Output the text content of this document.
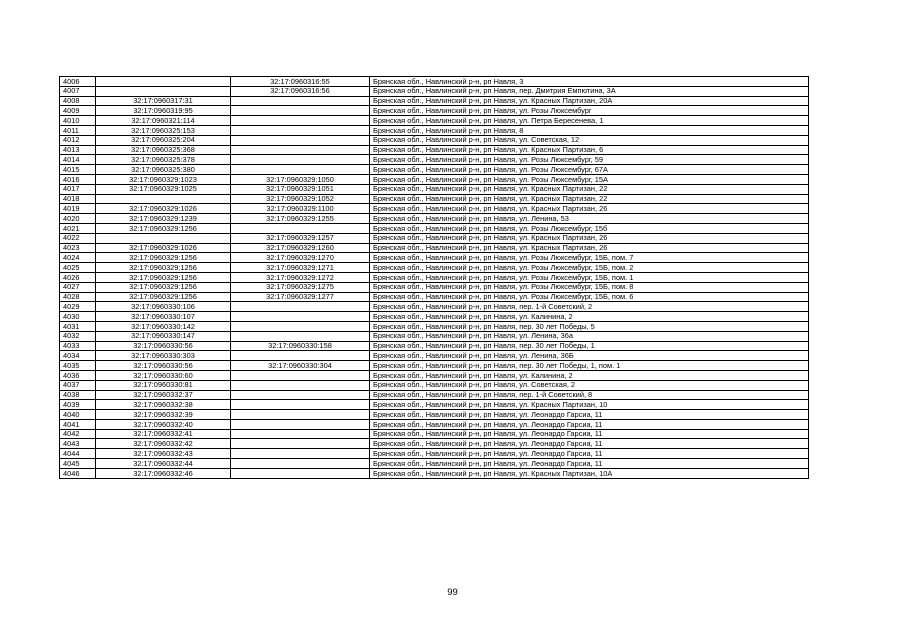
4006		32:17:0960316:55	Брянская обл., Навлинский р-н, рп Навля, 3
4007		32:17:0960316:56	Брянская обл., Навлинский р-н, рп Навля, пер. Дмитрия Емпютина, 3А
4008	32:17:0960317:31		Брянская обл., Навлинский р-н, рп Навля, ул. Красных Партизан, 20А
4009	32:17:0960319:95		Брянская обл., Навлинский р-н, рп Навля, ул. Розы Люксембург
4010	32:17:0960321:114		Брянская обл., Навлинский р-н, рп Навля, ул. Петра Бересенева, 1
4011	32:17:0960325:153		Брянская обл., Навлинский р-н, рп Навля, 8
4012	32:17:0960325:204		Брянская обл., Навлинский р-н, рп Навля, ул. Советская, 12
4013	32:17:0960325:368		Брянская обл., Навлинский р-н, рп Навля, ул. Красных Партизан, 6
4014	32:17:0960325:378		Брянская обл., Навлинский р-н, рп Навля, ул. Розы Люксембург, 59
4015	32:17:0960325:380		Брянская обл., Навлинский р-н, рп Навля, ул. Розы Люксембург, 67А
4016	32:17:0960329:1023	32:17:0960329:1050	Брянская обл., Навлинский р-н, рп Навля, ул. Розы Люксембург, 15А
4017	32:17:0960329:1025	32:17:0960329:1051	Брянская обл., Навлинский р-н, рп Навля, ул. Красных Партизан, 22
4018		32:17:0960329:1052	Брянская обл., Навлинский р-н, рп Навля, ул. Красных Партизан, 22
4019	32:17:0960329:1026	32:17:0960329:1100	Брянская обл., Навлинский р-н, рп Навля, ул. Красных Партизан, 26
4020	32:17:0960329:1239	32:17:0960329:1255	Брянская обл., Навлинский р-н, рп Навля, ул. Ленина, 53
4021	32:17:0960329:1256		Брянская обл., Навлинский р-н, рп Навля, ул. Розы Люксембург, 15б
4022		32:17:0960329:1257	Брянская обл., Навлинский р-н, рп Навля, ул. Красных Партизан, 26
4023	32:17:0960329:1026	32:17:0960329:1260	Брянская обл., Навлинский р-н, рп Навля, ул. Красных Партизан, 26
4024	32:17:0960329:1256	32:17:0960329:1270	Брянская обл., Навлинский р-н, рп Навля, ул. Розы Люксембург, 15Б, пом. 7
4025	32:17:0960329:1256	32:17:0960329:1271	Брянская обл., Навлинский р-н, рп Навля, ул. Розы Люксембург, 15Б, пом. 2
4026	32:17:0960329:1256	32:17:0960329:1272	Брянская обл., Навлинский р-н, рп Навля, ул. Розы Люксембург, 15Б, пом. 1
4027	32:17:0960329:1256	32:17:0960329:1275	Брянская обл., Навлинский р-н, рп Навля, ул. Розы Люксембург, 15Б, пом. 8
4028	32:17:0960329:1256	32:17:0960329:1277	Брянская обл., Навлинский р-н, рп Навля, ул. Розы Люксембург, 15Б, пом. 6
4029	32:17:0960330:106		Брянская обл., Навлинский р-н, рп Навля, пер. 1-й Советский, 2
4030	32:17:0960330:107		Брянская обл., Навлинский р-н, рп Навля, ул. Калинина, 2
4031	32:17:0960330:142		Брянская обл., Навлинский р-н, рп Навля, пер. 30 лет Победы, 5
4032	32:17:0960330:147		Брянская обл., Навлинский р-н, рп Навля, ул. Ленина, 36а
4033	32:17:0960330:56	32:17:0960330:158	Брянская обл., Навлинский р-н, рп Навля, пер. 30 лет Победы, 1
4034	32:17:0960330:303		Брянская обл., Навлинский р-н, рп Навля, ул. Ленина, 36Б
4035	32:17:0960330:56	32:17:0960330:304	Брянская обл., Навлинский р-н, рп Навля, пер. 30 лет Победы, 1, пом. 1
4036	32:17:0960330:60		Брянская обл., Навлинский р-н, рп Навля, ул. Калинина, 2
4037	32:17:0960330:81		Брянская обл., Навлинский р-н, рп Навля, ул. Советская, 2
4038	32:17:0960332:37		Брянская обл., Навлинский р-н, рп Навля, пер. 1-й Советский, 8
4039	32:17:0960332:38		Брянская обл., Навлинский р-н, рп Навля, ул. Красных Партизан, 10
4040	32:17:0960332:39		Брянская обл., Навлинский р-н, рп Навля, ул. Леонардо Гарсиа, 11
4041	32:17:0960332:40		Брянская обл., Навлинский р-н, рп Навля, ул. Леонардо Гарсиа, 11
4042	32:17:0960332:41		Брянская обл., Навлинский р-н, рп Навля, ул. Леонардо Гарсиа, 11
4043	32:17:0960332:42		Брянская обл., Навлинский р-н, рп Навля, ул. Леонардо Гарсиа, 11
4044	32:17:0960332:43		Брянская обл., Навлинский р-н, рп Навля, ул. Леонардо Гарсиа, 11
4045	32:17:0960332:44		Брянская обл., Навлинский р-н, рп Навля, ул. Леонардо Гарсиа, 11
4046	32:17:0960332:46		Брянская обл., Навлинский р-н, рп Навля, ул. Красных Партизан, 10А
99
